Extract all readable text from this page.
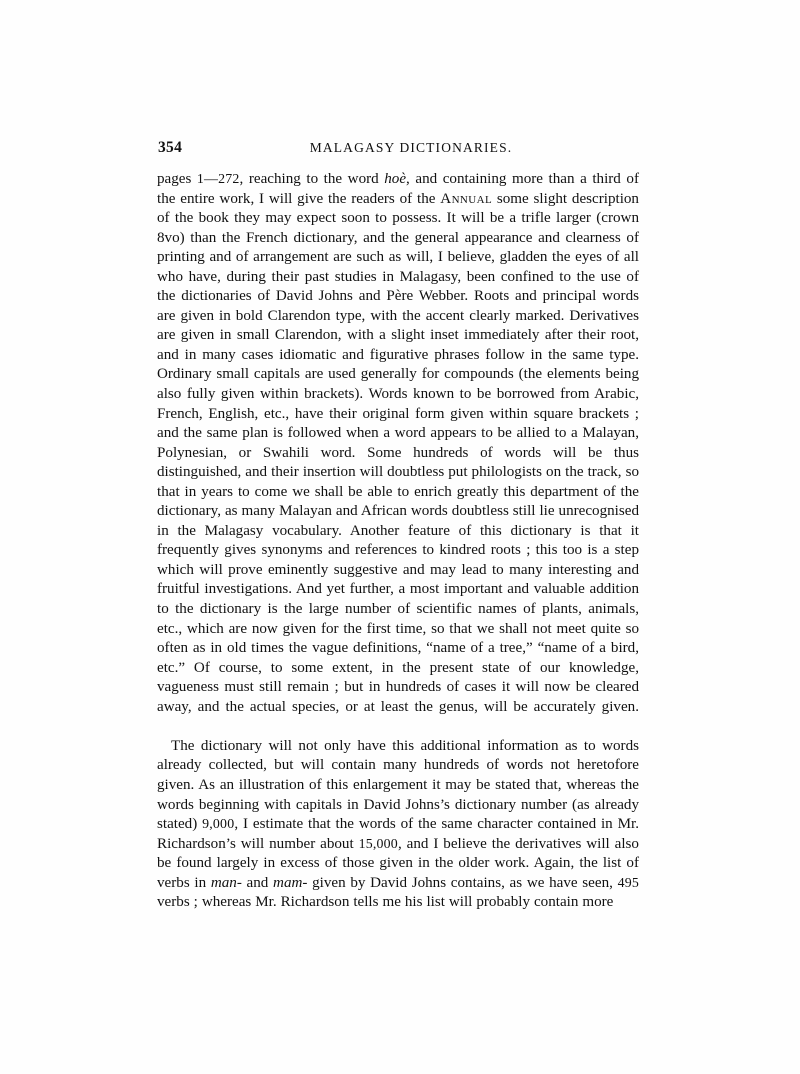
354	MALAGASY DICTIONARIES.

pages 1—272, reaching to the word hoè, and containing more than a third of the entire work, I will give the readers of the Annual some slight description of the book they may expect soon to possess. It will be a trifle larger (crown 8vo) than the French dictionary, and the general appearance and clearness of printing and of arrangement are such as will, I believe, gladden the eyes of all who have, during their past studies in Malagasy, been confined to the use of the dictionaries of David Johns and Père Webber. Roots and principal words are given in bold Clarendon type, with the accent clearly marked. Derivatives are given in small Clarendon, with a slight inset immediately after their root, and in many cases idiomatic and figurative phrases follow in the same type. Ordinary small capitals are used generally for compounds (the elements being also fully given within brackets). Words known to be borrowed from Arabic, French, English, etc., have their original form given within square brackets ; and the same plan is followed when a word appears to be allied to a Malayan, Polynesian, or Swahili word. Some hundreds of words will be thus distinguished, and their insertion will doubtless put philologists on the track, so that in years to come we shall be able to enrich greatly this department of the dictionary, as many Malayan and African words doubtless still lie unrecognised in the Malagasy vocabulary. Another feature of this dictionary is that it frequently gives synonyms and references to kindred roots ; this too is a step which will prove eminently suggestive and may lead to many interesting and fruitful investigations. And yet further, a most important and valuable addition to the dictionary is the large number of scientific names of plants, animals, etc., which are now given for the first time, so that we shall not meet quite so often as in old times the vague definitions, “name of a tree,” “name of a bird, etc.” Of course, to some extent, in the present state of our knowledge, vagueness must still remain ; but in hundreds of cases it will now be cleared away, and the actual species, or at least the genus, will be accurately given.

The dictionary will not only have this additional information as to words already collected, but will contain many hundreds of words not heretofore given. As an illustration of this enlargement it may be stated that, whereas the words beginning with capitals in David Johns’s dictionary number (as already stated) 9,000, I estimate that the words of the same character contained in Mr. Richardson’s will number about 15,000, and I believe the derivatives will also be found largely in excess of those given in the older work. Again, the list of verbs in man- and mam- given by David Johns contains, as we have seen, 495 verbs ; whereas Mr. Richardson tells me his list will probably contain more
